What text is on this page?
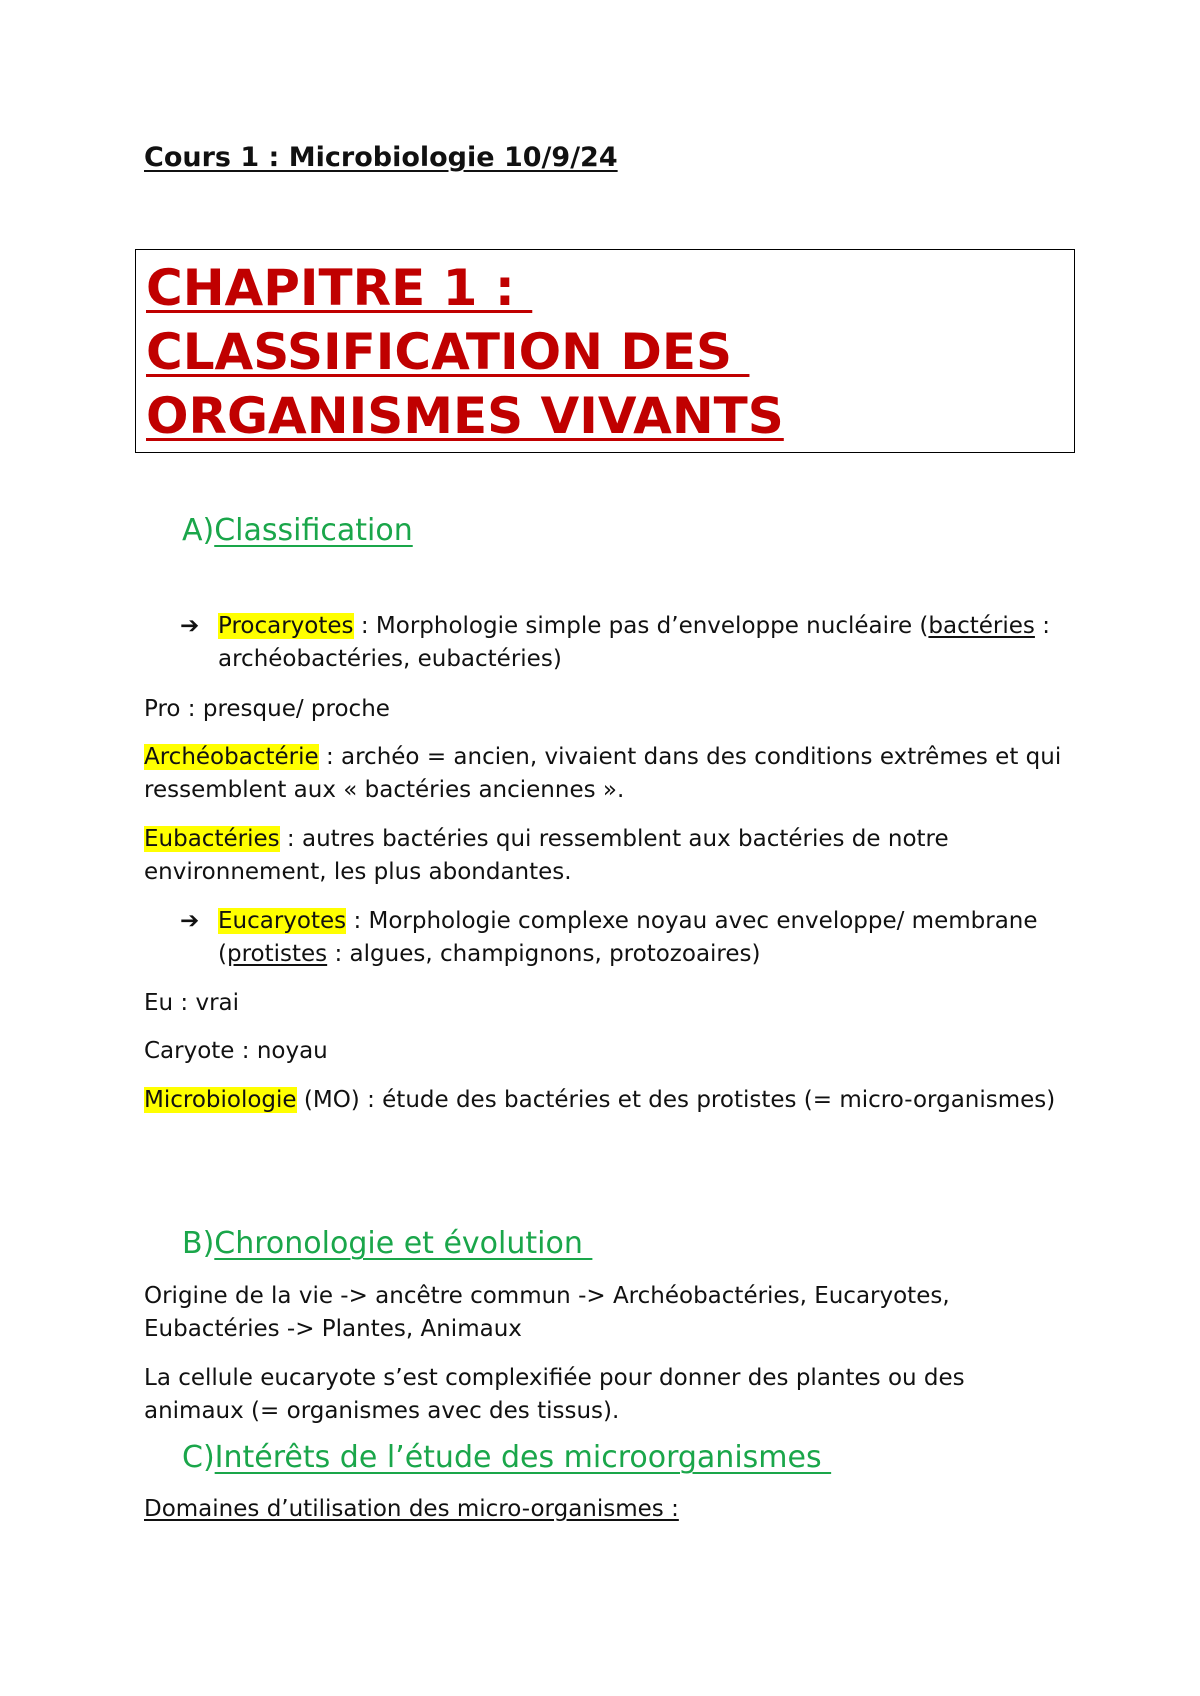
Cours 1 : Microbiologie 10/9/24
CHAPITRE 1 :
CLASSIFICATION DES
ORGANISMES VIVANTS
A)Classification
➔ Procaryotes : Morphologie simple pas d’enveloppe nucléaire (bactéries : archéobactéries, eubactéries)
Pro : presque/ proche
Archéobactérie : archéo = ancien, vivaient dans des conditions extrêmes et qui ressemblent aux « bactéries anciennes ».
Eubactéries : autres bactéries qui ressemblent aux bactéries de notre environnement, les plus abondantes.
➔ Eucaryotes : Morphologie complexe noyau avec enveloppe/ membrane (protistes : algues, champignons, protozoaires)
Eu : vrai
Caryote : noyau
Microbiologie (MO) : étude des bactéries et des protistes (= micro-organismes)
B)Chronologie et évolution
Origine de la vie -> ancêtre commun -> Archéobactéries, Eucaryotes, Eubactéries -> Plantes, Animaux
La cellule eucaryote s’est complexifiée pour donner des plantes ou des animaux (= organismes avec des tissus).
C)Intérêts de l’étude des microorganismes
Domaines d’utilisation des micro-organismes :
